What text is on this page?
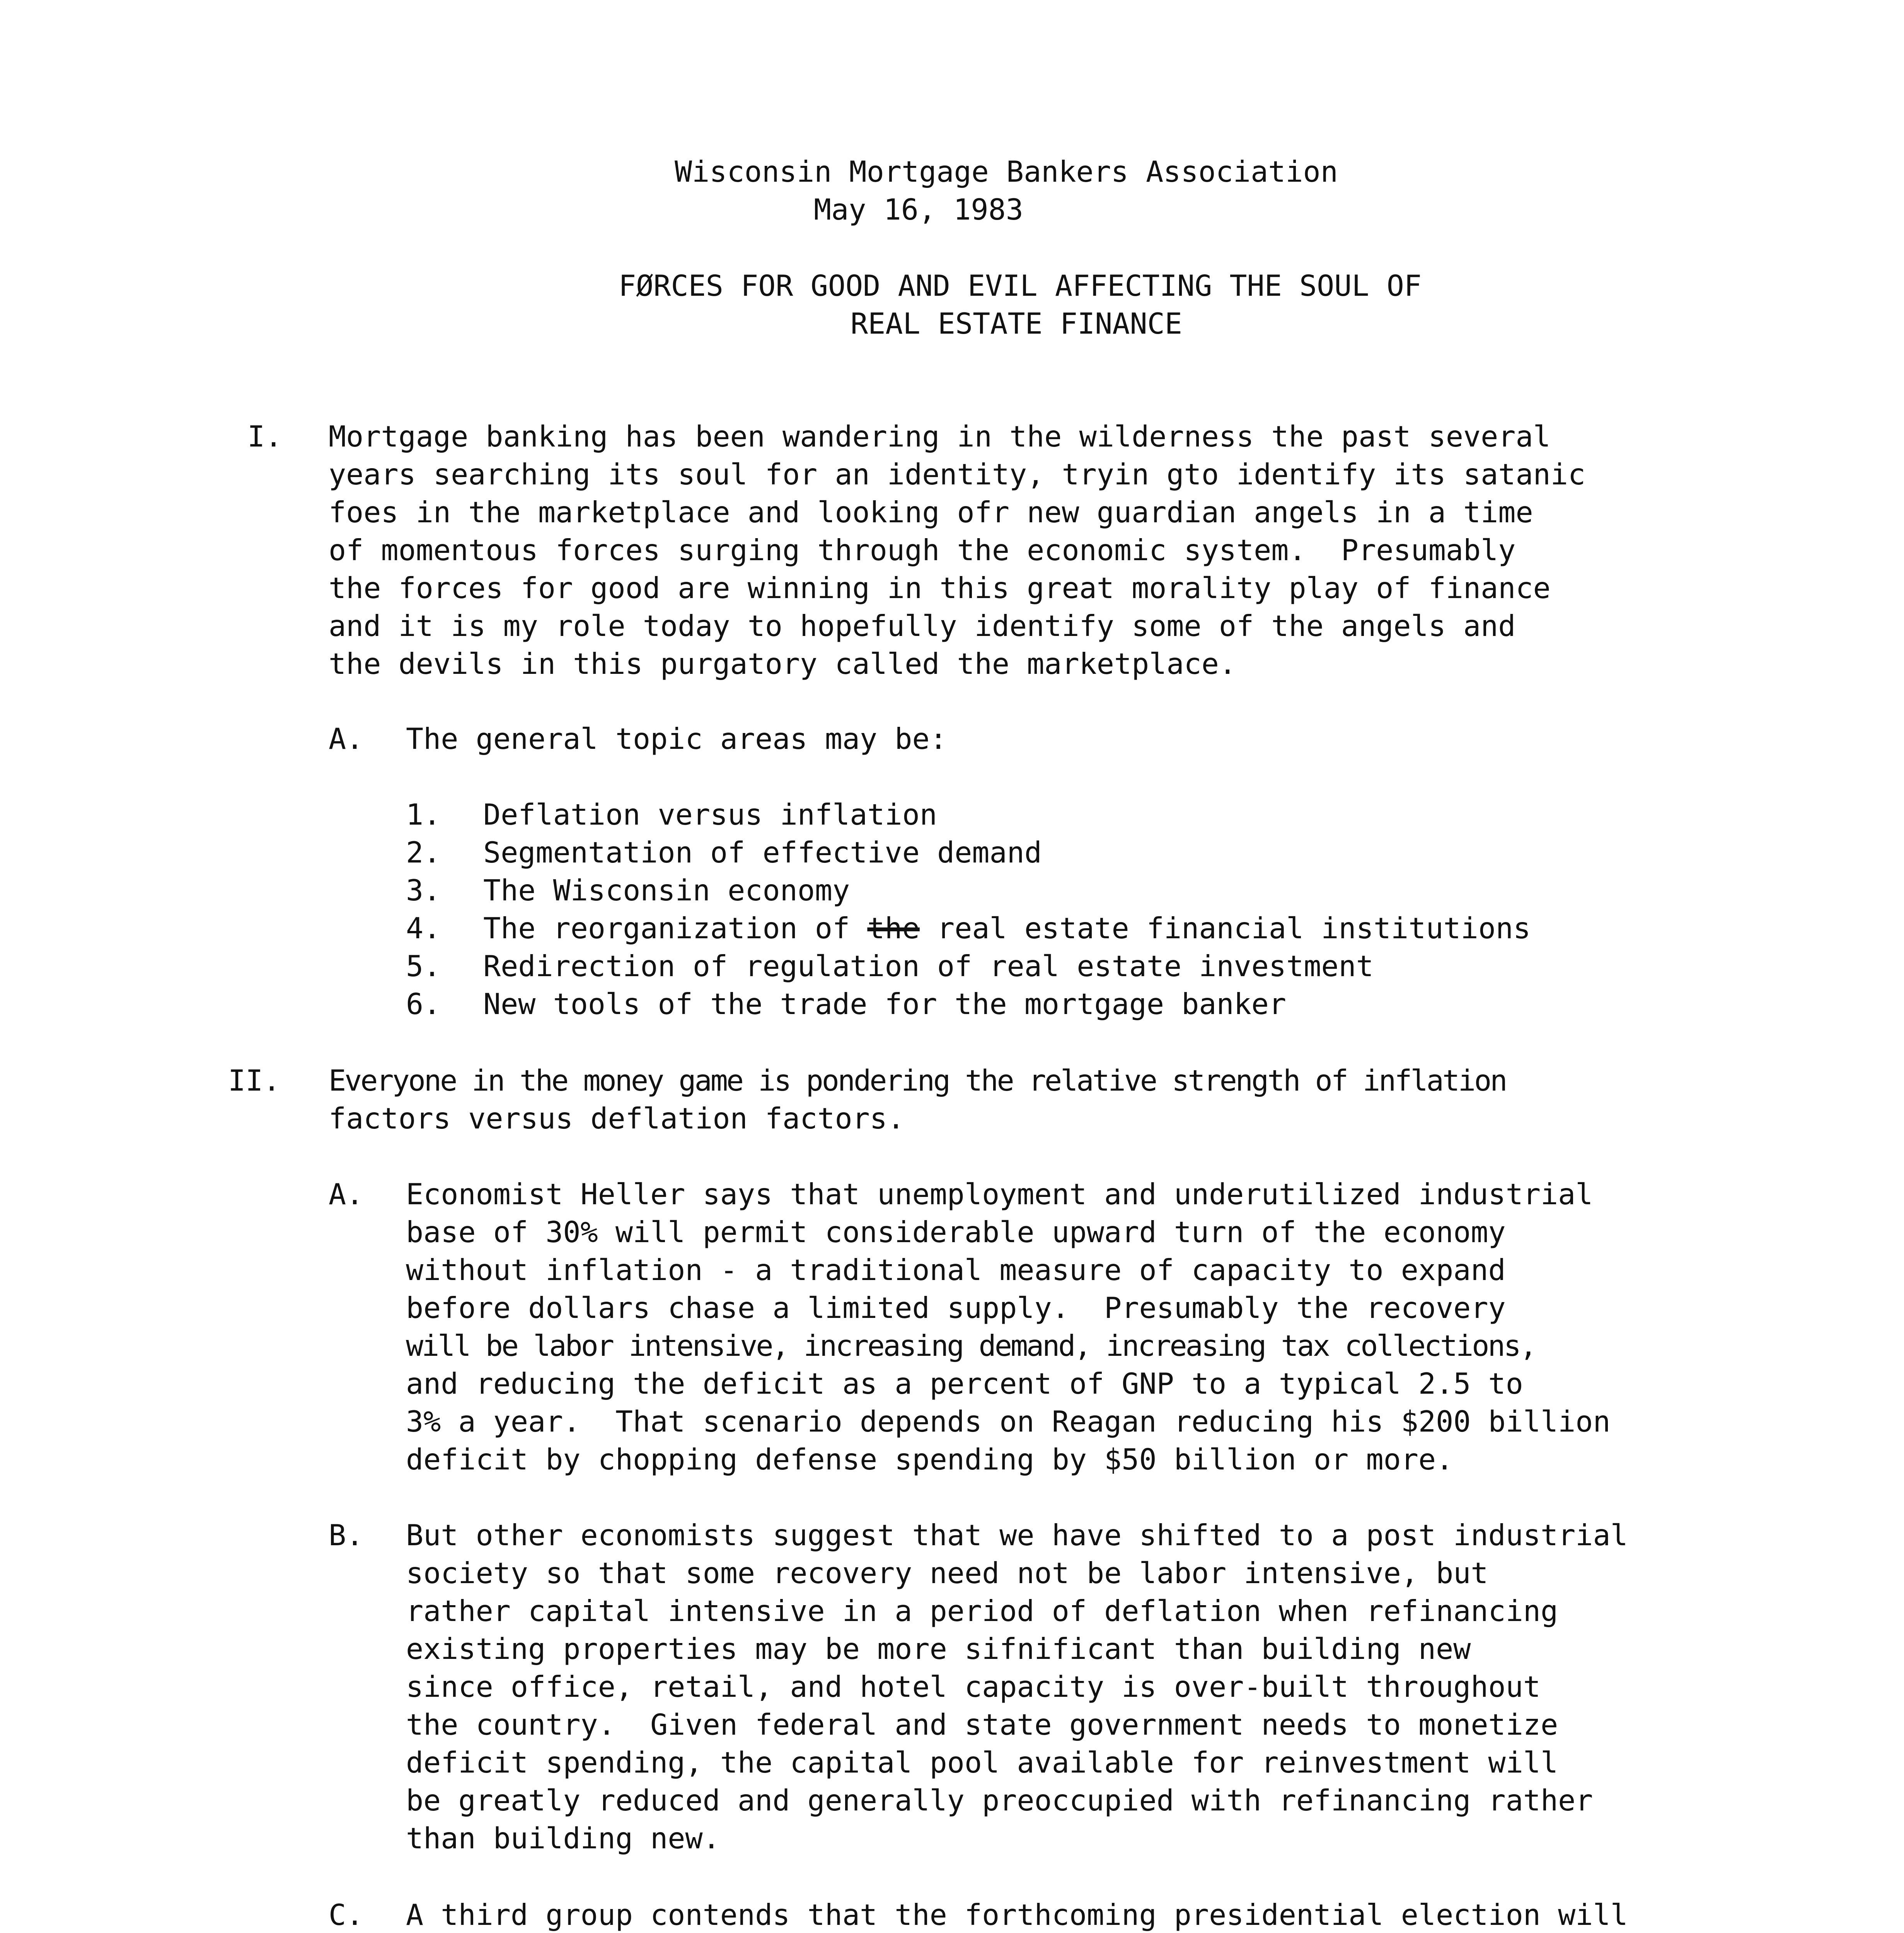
Wisconsin Mortgage Bankers Association
May 16, 1983
FØRCES FOR GOOD AND EVIL AFFECTING THE SOUL OF
REAL ESTATE FINANCE
I. Mortgage banking has been wandering in the wilderness the past several
years searching its soul for an identity, tryin gto identify its satanic
foes in the marketplace and looking ofr new guardian angels in a time
of momentous forces surging through the economic system.  Presumably
the forces for good are winning in this great morality play of finance
and it is my role today to hopefully identify some of the angels and
the devils in this purgatory called the marketplace.
A. The general topic areas may be:
1. Deflation versus inflation
2. Segmentation of effective demand
3. The Wisconsin economy
4. The reorganization of the real estate financial institutions
5. Redirection of regulation of real estate investment
6. New tools of the trade for the mortgage banker
II. Everyone in the money game is pondering the relative strength of inflation
factors versus deflation factors.
A. Economist Heller says that unemployment and underutilized industrial
base of 30% will permit considerable upward turn of the economy
without inflation - a traditional measure of capacity to expand
before dollars chase a limited supply.  Presumably the recovery
will be labor intensive, increasing demand, increasing tax collections,
and reducing the deficit as a percent of GNP to a typical 2.5 to
3% a year.  That scenario depends on Reagan reducing his $200 billion
deficit by chopping defense spending by $50 billion or more.
B. But other economists suggest that we have shifted to a post industrial
society so that some recovery need not be labor intensive, but
rather capital intensive in a period of deflation when refinancing
existing properties may be more sifnificant than building new
since office, retail, and hotel capacity is over-built throughout
the country.  Given federal and state government needs to monetize
deficit spending, the capital pool available for reinvestment will
be greatly reduced and generally preoccupied with refinancing rather
than building new.
C. A third group contends that the forthcoming presidential election will
